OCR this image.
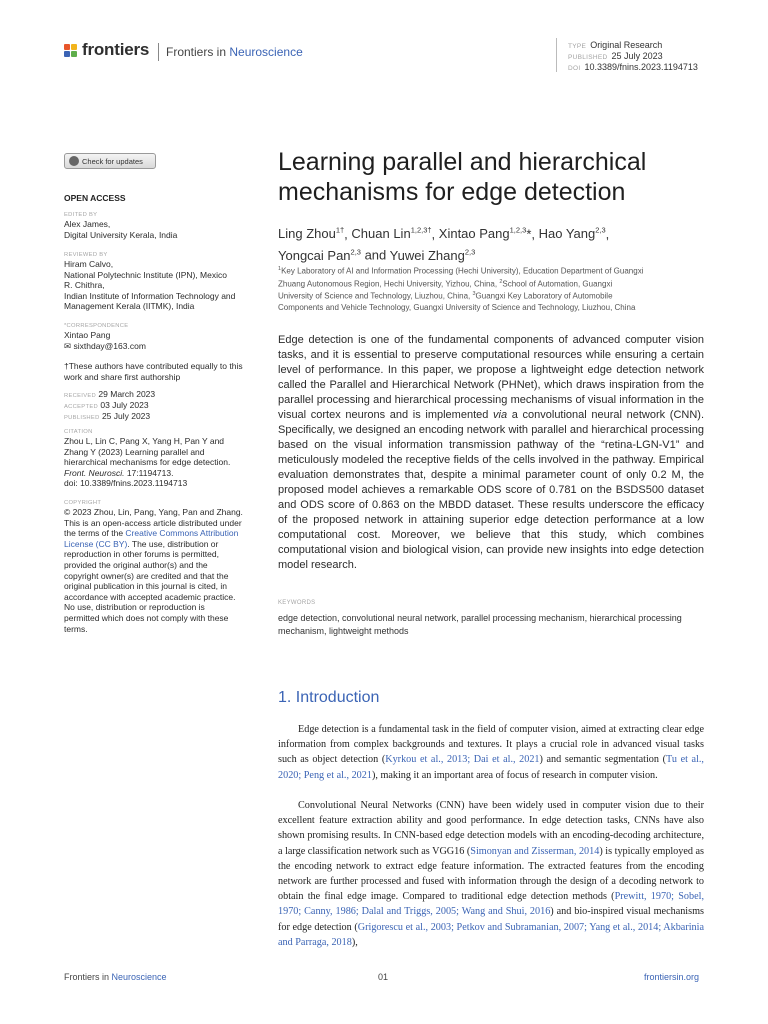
frontiers Frontiers in Neuroscience	TYPE Original Research
PUBLISHED 25 July 2023
DOI 10.3389/fnins.2023.1194713
Check for updates
OPEN ACCESS
EDITED BY
Alex James,
Digital University Kerala, India
REVIEWED BY
Hiram Calvo,
National Polytechnic Institute (IPN), Mexico
R. Chithra,
Indian Institute of Information Technology and
Management Kerala (IITMK), India
*CORRESPONDENCE
Xintao Pang
✉ sixthday@163.com
†These authors have contributed equally to this
work and share first authorship
RECEIVED 29 March 2023
ACCEPTED 03 July 2023
PUBLISHED 25 July 2023
CITATION
Zhou L, Lin C, Pang X, Yang H, Pan Y and
Zhang Y (2023) Learning parallel and
hierarchical mechanisms for edge detection.
Front. Neurosci. 17:1194713.
doi: 10.3389/fnins.2023.1194713
COPYRIGHT
© 2023 Zhou, Lin, Pang, Yang, Pan and Zhang.
This is an open-access article distributed under
the terms of the Creative Commons Attribution
License (CC BY). The use, distribution or
reproduction in other forums is permitted,
provided the original author(s) and the
copyright owner(s) are credited and that the
original publication in this journal is cited, in
accordance with accepted academic practice.
No use, distribution or reproduction is
permitted which does not comply with these
terms.
Learning parallel and hierarchical
mechanisms for edge detection
Ling Zhou$^{1\dagger}$, Chuan Lin$^{1,2,3\dagger}$, Xintao Pang$^{1,2,3}$*, Hao Yang$^{2,3}$,
Yongcai Pan$^{2,3}$ and Yuwei Zhang$^{2,3}$
$^1$Key Laboratory of AI and Information Processing (Hechi University), Education Department of Guangxi
Zhuang Autonomous Region, Hechi University, Yizhou, China, $^2$School of Automation, Guangxi
University of Science and Technology, Liuzhou, China, $^3$Guangxi Key Laboratory of Automobile
Components and Vehicle Technology, Guangxi University of Science and Technology, Liuzhou, China
Edge detection is one of the fundamental components of advanced computer vision tasks, and it is essential to preserve computational resources while ensuring a certain level of performance. In this paper, we propose a lightweight edge detection network called the Parallel and Hierarchical Network (PHNet), which draws inspiration from the parallel processing and hierarchical processing mechanisms of visual information in the visual cortex neurons and is implemented via a convolutional neural network (CNN). Specifically, we designed an encoding network with parallel and hierarchical processing based on the visual information transmission pathway of the “retina-LGN-V1” and meticulously modeled the receptive fields of the cells involved in the pathway. Empirical evaluation demonstrates that, despite a minimal parameter count of only 0.2 M, the proposed model achieves a remarkable ODS score of 0.781 on the BSDS500 dataset and ODS score of 0.863 on the MBDD dataset. These results underscore the efficacy of the proposed network in attaining superior edge detection performance at a low computational cost. Moreover, we believe that this study, which combines computational vision and biological vision, can provide new insights into edge detection model research.
KEYWORDS
edge detection, convolutional neural network, parallel processing mechanism, hierarchical processing mechanism, lightweight methods
1. Introduction
Edge detection is a fundamental task in the field of computer vision, aimed at extracting clear edge information from complex backgrounds and textures. It plays a crucial role in advanced visual tasks such as object detection (Kyrkou et al., 2013; Dai et al., 2021) and semantic segmentation (Tu et al., 2020; Peng et al., 2021), making it an important area of focus of research in computer vision.
Convolutional Neural Networks (CNN) have been widely used in computer vision due to their excellent feature extraction ability and good performance. In edge detection tasks, CNNs have also shown promising results. In CNN-based edge detection models with an encoding-decoding architecture, a large classification network such as VGG16 (Simonyan and Zisserman, 2014) is typically employed as the encoding network to extract edge feature information. The extracted features from the encoding network are further processed and fused with information through the design of a decoding network to obtain the final edge image. Compared to traditional edge detection methods (Prewitt, 1970; Sobel, 1970; Canny, 1986; Dalal and Triggs, 2005; Wang and Shui, 2016) and bio-inspired visual mechanisms for edge detection (Grigorescu et al., 2003; Petkov and Subramanian, 2007; Yang et al., 2014; Akbarinia and Parraga, 2018),
Frontiers in Neuroscience	01	frontiersin.org
